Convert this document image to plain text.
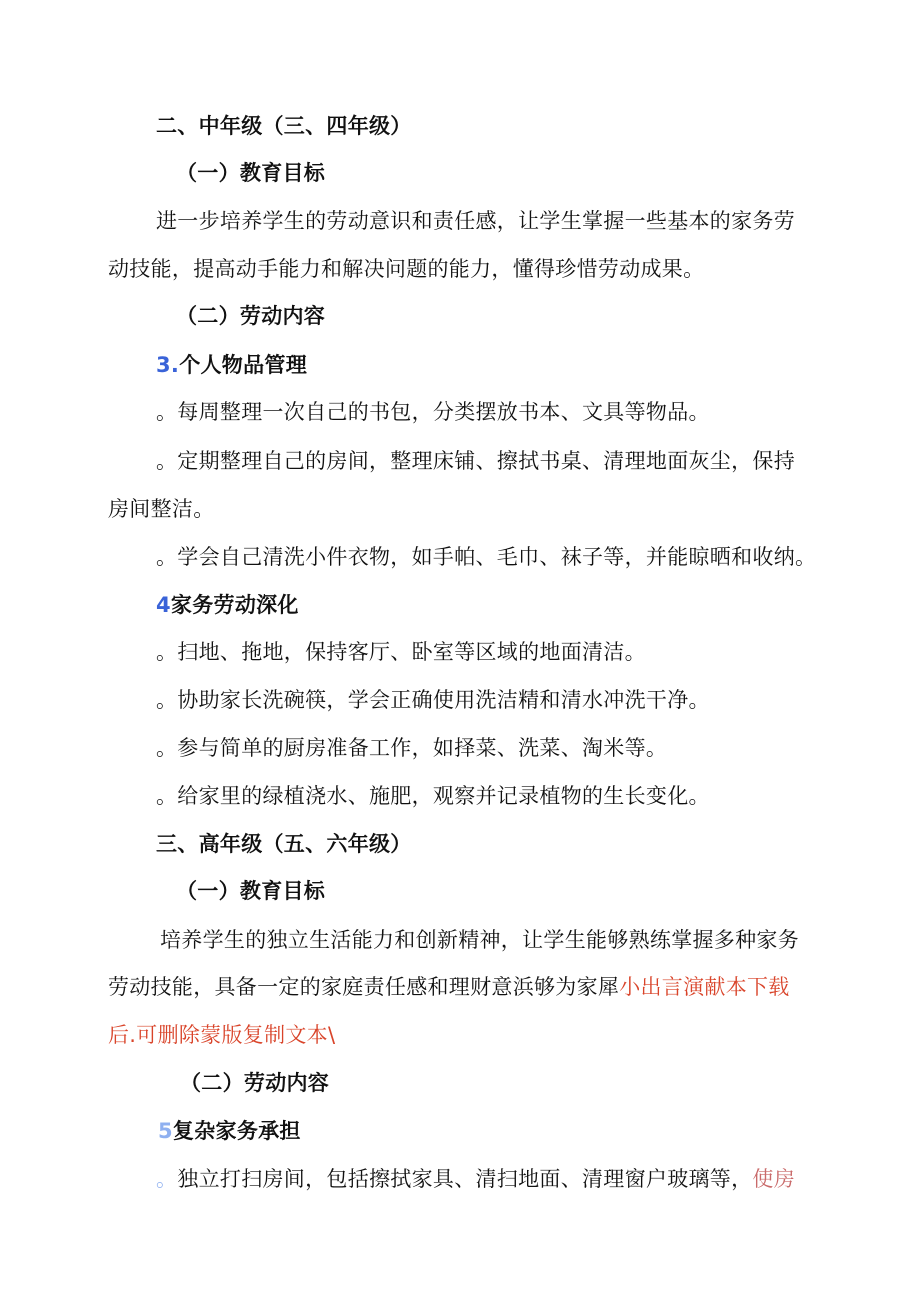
二、中年级（三、四年级）
（一）教育目标
进一步培养学生的劳动意识和责任感，让学生掌握一些基本的家务劳
动技能，提高动手能力和解决问题的能力，懂得珍惜劳动成果。
（二）劳动内容
3.个人物品管理
。每周整理一次自己的书包，分类摆放书本、文具等物品。
。定期整理自己的房间，整理床铺、擦拭书桌、清理地面灰尘，保持
房间整洁。
。学会自己清洗小件衣物，如手帕、毛巾、袜子等，并能晾晒和收纳。
4家务劳动深化
。扫地、拖地，保持客厅、卧室等区域的地面清洁。
。协助家长洗碗筷，学会正确使用洗洁精和清水冲洗干净。
。参与简单的厨房准备工作，如择菜、洗菜、淘米等。
。给家里的绿植浇水、施肥，观察并记录植物的生长变化。
三、高年级（五、六年级）
（一）教育目标
培养学生的独立生活能力和创新精神，让学生能够熟练掌握多种家务
劳动技能，具备一定的家庭责任感和理财意浜够为家犀小出言演献本下载
后.可删除蒙版复制文本\
（二）劳动内容
5复杂家务承担
。独立打扫房间，包括擦拭家具、清扫地面、清理窗户玻璃等，使房
